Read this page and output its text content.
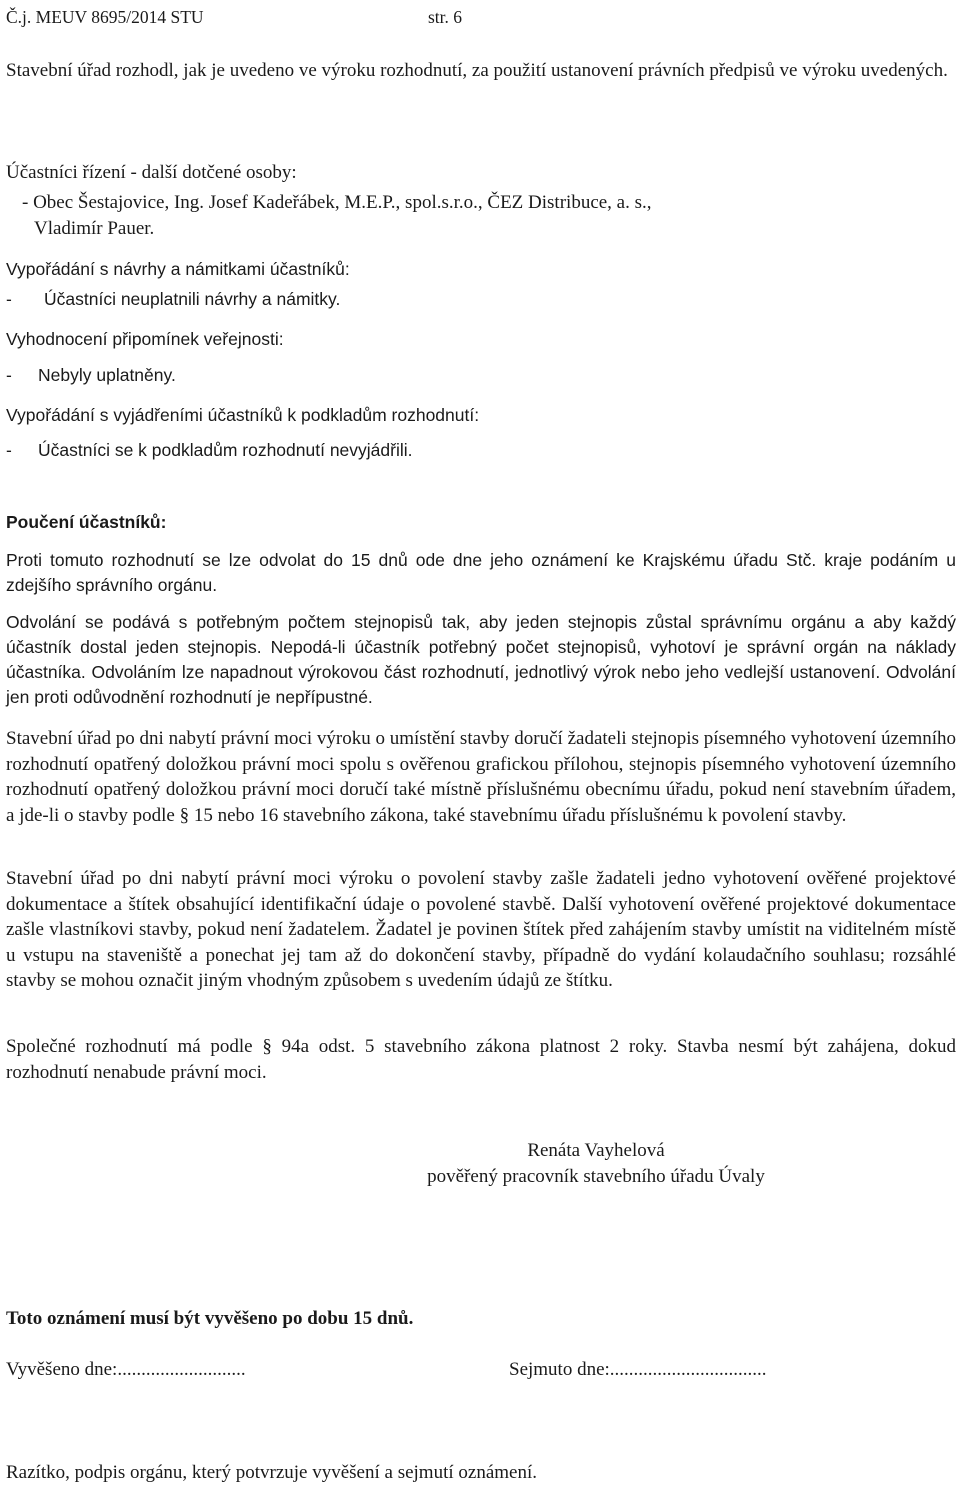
Č.j. MEUV 8695/2014 STU	str. 6

Stavební úřad rozhodl, jak je uvedeno ve výroku rozhodnutí, za použití ustanovení právních předpisů ve výroku uvedených.

Účastníci řízení - další dotčené osoby:
- Obec Šestajovice, Ing. Josef Kadeřábek, M.E.P., spol.s.r.o., ČEZ Distribuce, a. s.,
Vladimír Pauer.
Vypořádání s návrhy a námitkami účastníků:
- Účastníci neuplatnili návrhy a námitky.
Vyhodnocení připomínek veřejnosti:
- Nebyly uplatněny.
Vypořádání s vyjádřeními účastníků k podkladům rozhodnutí:
- Účastníci se k podkladům rozhodnutí nevyjádřili.
Poučení účastníků:

Proti tomuto rozhodnutí se lze odvolat do 15 dnů ode dne jeho oznámení ke Krajskému úřadu Stč. kraje podáním u zdejšího správního orgánu.

Odvolání se podává s potřebným počtem stejnopisů tak, aby jeden stejnopis zůstal správnímu orgánu a aby každý účastník dostal jeden stejnopis. Nepodá-li účastník potřebný počet stejnopisů, vyhotoví je správní orgán na náklady účastníka. Odvoláním lze napadnout výrokovou část rozhodnutí, jednotlivý výrok nebo jeho vedlejší ustanovení. Odvolání jen proti odůvodnění rozhodnutí je nepřípustné.

Stavební úřad po dni nabytí právní moci výroku o umístění stavby doručí žadateli stejnopis písemného vyhotovení územního rozhodnutí opatřený doložkou právní moci spolu s ověřenou grafickou přílohou, stejnopis písemného vyhotovení územního rozhodnutí opatřený doložkou právní moci doručí také místně příslušnému obecnímu úřadu, pokud není stavebním úřadem, a jde-li o stavby podle § 15 nebo 16 stavebního zákona, také stavebnímu úřadu příslušnému k povolení stavby.

Stavební úřad po dni nabytí právní moci výroku o povolení stavby zašle žadateli jedno vyhotovení ověřené projektové dokumentace a štítek obsahující identifikační údaje o povolené stavbě. Další vyhotovení ověřené projektové dokumentace zašle vlastníkovi stavby, pokud není žadatelem. Žadatel je povinen štítek před zahájením stavby umístit na viditelném místě u vstupu na staveniště a ponechat jej tam až do dokončení stavby, případně do vydání kolaudačního souhlasu; rozsáhlé stavby se mohou označit jiným vhodným způsobem s uvedením údajů ze štítku.

Společné rozhodnutí má podle § 94a odst. 5 stavebního zákona platnost 2 roky. Stavba nesmí být zahájena, dokud rozhodnutí nenabude právní moci.

Renáta Vayhelová
pověřený pracovník stavebního úřadu Úvaly
Toto oznámení musí být vyvěšeno po dobu 15 dnů.
Vyvěšeno dne:...........................	Sejmuto dne:.................................
Razítko, podpis orgánu, který potvrzuje vyvěšení a sejmutí oznámení.
